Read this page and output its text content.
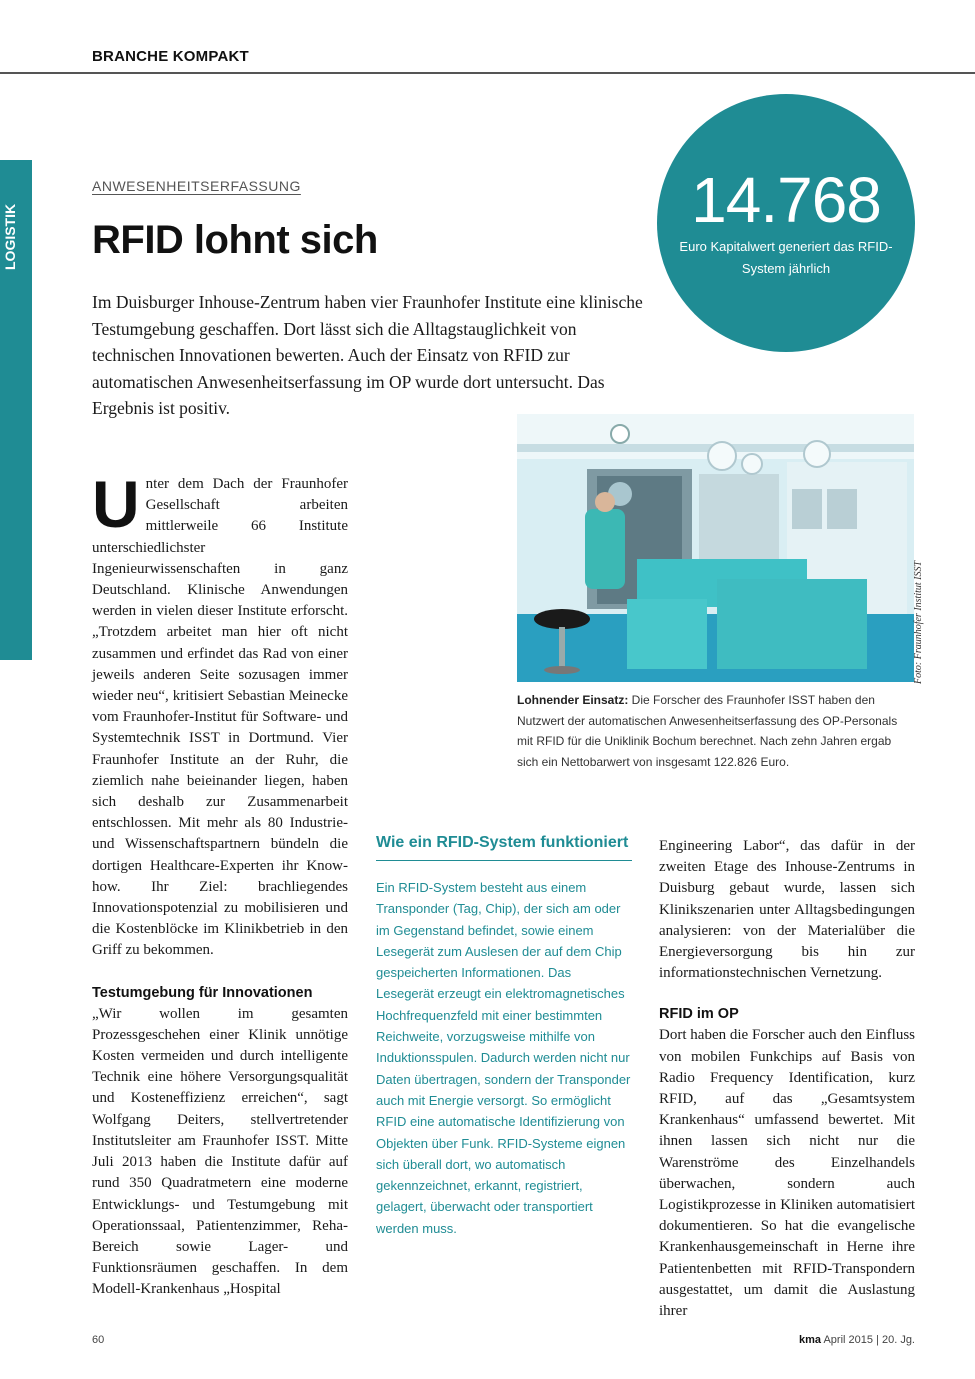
BRANCHE KOMPAKT
LOGISTIK
ANWESENHEITSERFASSUNG
RFID lohnt sich
Im Duisburger Inhouse-Zentrum haben vier Fraunhofer Institute eine klinische Testumgebung geschaffen. Dort lässt sich die Alltagstauglichkeit von technischen Innovationen bewerten. Auch der Einsatz von RFID zur automatischen Anwesenheitserfassung im OP wurde dort untersucht. Das Ergebnis ist positiv.
14.768
Euro Kapitalwert generiert das RFID-System jährlich
Foto: Fraunhofer Institut ISST
Lohnender Einsatz: Die Forscher des Fraunhofer ISST haben den Nutzwert der automatischen Anwesenheitserfassung des OP-Personals mit RFID für die Uniklinik Bochum berechnet. Nach zehn Jahren ergab sich ein Nettobarwert von insgesamt 122.826 Euro.
Unter dem Dach der Fraunhofer Gesellschaft arbeiten mittlerweile 66 Institute unterschiedlichster Ingenieurwissenschaften in ganz Deutschland. Klinische Anwendungen werden in vielen dieser Institute erforscht. „Trotzdem arbeitet man hier oft nicht zusammen und erfindet das Rad von einer jeweils anderen Seite sozusagen immer wieder neu“, kritisiert Sebastian Meinecke vom Fraunhofer-Institut für Software- und Systemtechnik ISST in Dortmund. Vier Fraunhofer Institute an der Ruhr, die ziemlich nahe beieinander liegen, haben sich deshalb zur Zusammenarbeit entschlossen. Mit mehr als 80 Industrie- und Wissenschaftspartnern bündeln die dortigen Healthcare-Experten ihr Know-how. Ihr Ziel: brachliegendes Innovationspotenzial zu mobilisieren und die Kostenblöcke im Klinikbetrieb in den Griff zu bekommen.
Testumgebung für Innovationen
„Wir wollen im gesamten Prozessgeschehen einer Klinik unnötige Kosten vermeiden und durch intelligente Technik eine höhere Versorgungsqualität und Kosteneffizienz erreichen“, sagt Wolfgang Deiters, stellvertretender Institutsleiter am Fraunhofer ISST. Mitte Juli 2013 haben die Institute dafür auf rund 350 Quadratmetern eine moderne Entwicklungs- und Testumgebung mit Operationssaal, Patientenzimmer, Reha-Bereich sowie Lager- und Funktionsräumen geschaffen. In dem Modell-Krankenhaus „Hospital
Wie ein RFID-System funktioniert
Ein RFID-System besteht aus einem Transponder (Tag, Chip), der sich am oder im Gegenstand befindet, sowie einem Lesegerät zum Auslesen der auf dem Chip gespeicherten Informationen. Das Lesegerät erzeugt ein elektromagnetisches Hochfrequenzfeld mit einer bestimmten Reichweite, vorzugsweise mithilfe von Induktionsspulen. Dadurch werden nicht nur Daten übertragen, sondern der Transponder auch mit Energie versorgt. So ermöglicht RFID eine automatische Identifizierung von Objekten über Funk. RFID-Systeme eignen sich überall dort, wo automatisch gekennzeichnet, erkannt, registriert, gelagert, überwacht oder transportiert werden muss.
Engineering Labor“, das dafür in der zweiten Etage des Inhouse-Zentrums in Duisburg gebaut wurde, lassen sich Klinikszenarien unter Alltagsbedingungen analysieren: von der Materialüber die Energieversorgung bis hin zur informationstechnischen Vernetzung.
RFID im OP
Dort haben die Forscher auch den Einfluss von mobilen Funkchips auf Basis von Radio Frequency Identification, kurz RFID, auf das „Gesamtsystem Krankenhaus“ umfassend bewertet. Mit ihnen lassen sich nicht nur die Warenströme des Einzelhandels überwachen, sondern auch Logistikprozesse in Kliniken automatisiert dokumentieren. So hat die evangelische Krankenhausgemeinschaft in Herne ihre Patientenbetten mit RFID-Transpondern ausgestattet, um damit die Auslastung ihrer
60	kma April 2015 | 20. Jg.
